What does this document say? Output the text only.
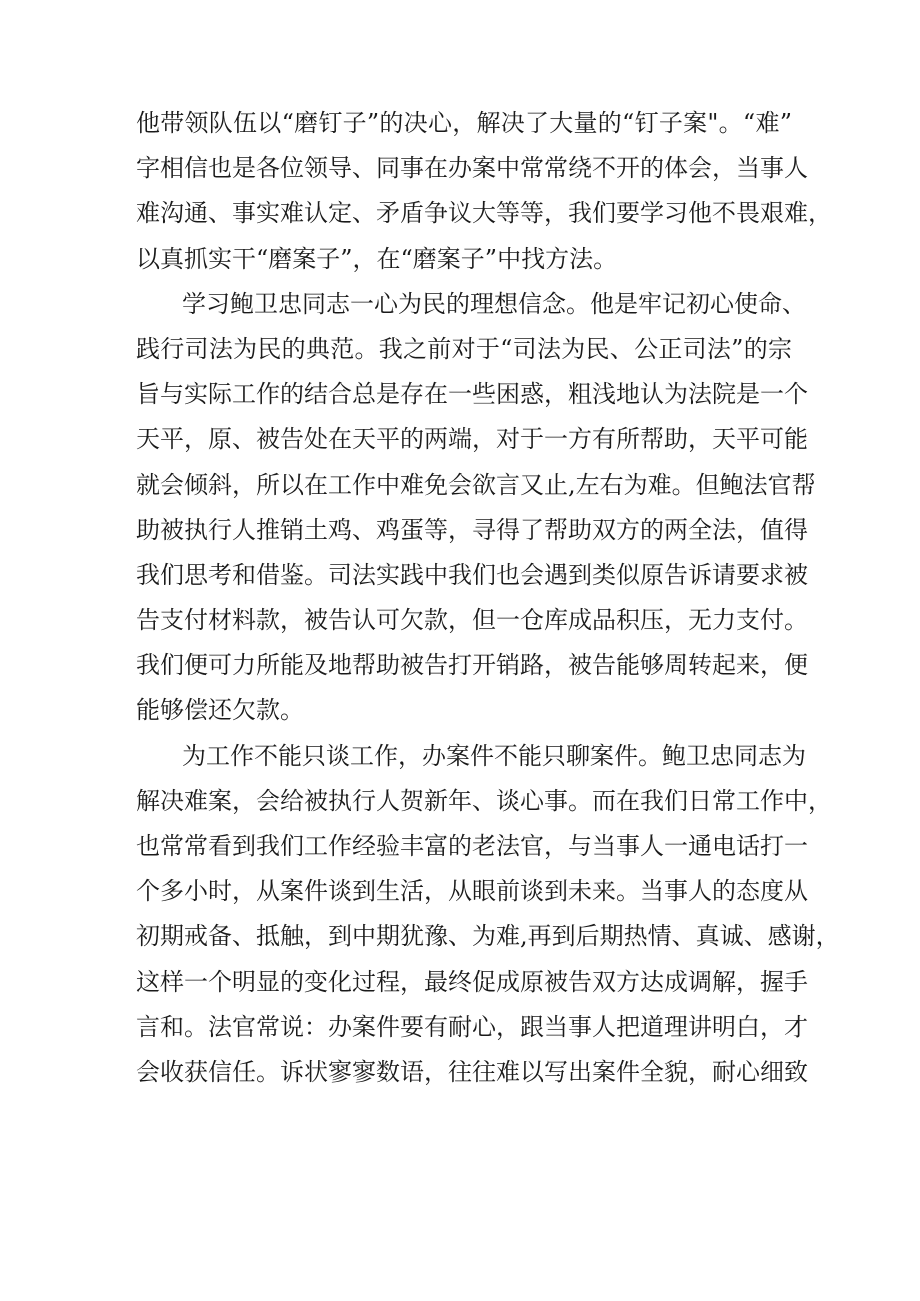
他带领队伍以“磨钉子”的决心，解决了大量的“钉子案"。“难”
字相信也是各位领导、同事在办案中常常绕不开的体会，当事人
难沟通、事实难认定、矛盾争议大等等，我们要学习他不畏艰难，
以真抓实干“磨案子”，在“磨案子”中找方法。
学习鲍卫忠同志一心为民的理想信念。他是牢记初心使命、
践行司法为民的典范。我之前对于“司法为民、公正司法”的宗
旨与实际工作的结合总是存在一些困惑，粗浅地认为法院是一个
天平，原、被告处在天平的两端，对于一方有所帮助，天平可能
就会倾斜，所以在工作中难免会欲言又止,左右为难。但鲍法官帮
助被执行人推销土鸡、鸡蛋等，寻得了帮助双方的两全法，值得
我们思考和借鉴。司法实践中我们也会遇到类似原告诉请要求被
告支付材料款，被告认可欠款，但一仓库成品积压，无力支付。
我们便可力所能及地帮助被告打开销路，被告能够周转起来，便
能够偿还欠款。
为工作不能只谈工作，办案件不能只聊案件。鲍卫忠同志为
解决难案，会给被执行人贺新年、谈心事。而在我们日常工作中，
也常常看到我们工作经验丰富的老法官，与当事人一通电话打一
个多小时，从案件谈到生活，从眼前谈到未来。当事人的态度从
初期戒备、抵触，到中期犹豫、为难,再到后期热情、真诚、感谢，
这样一个明显的变化过程，最终促成原被告双方达成调解，握手
言和。法官常说：办案件要有耐心，跟当事人把道理讲明白，才
会收获信任。诉状寥寥数语，往往难以写出案件全貌，耐心细致
